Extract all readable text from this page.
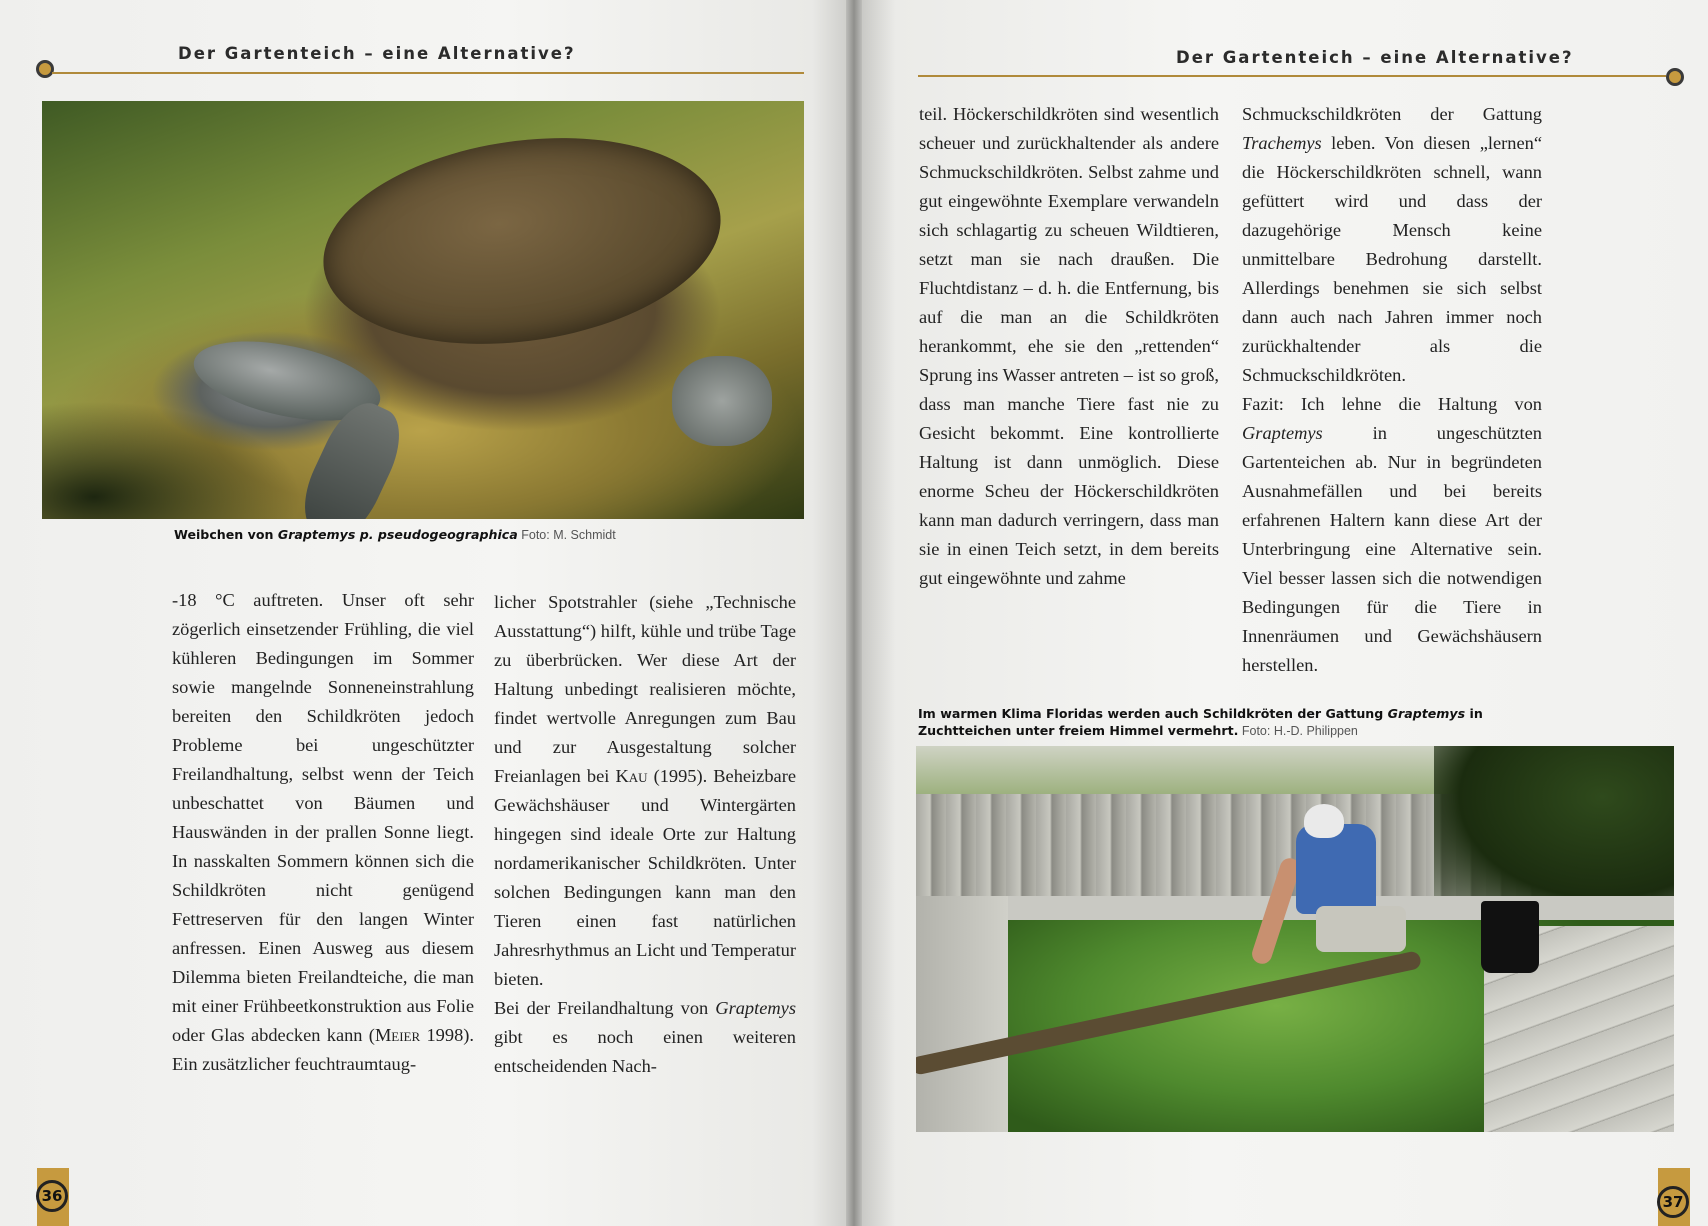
Der Gartenteich – eine Alternative?
Weibchen von Graptemys p. pseudogeographica Foto: M. Schmidt

-18 °C auftreten. Unser oft sehr zögerlich einsetzender Frühling, die viel kühleren Bedingungen im Sommer sowie mangelnde Sonneneinstrahlung bereiten den Schildkröten jedoch Probleme bei ungeschützter Freilandhaltung, selbst wenn der Teich unbeschattet von Bäumen und Hauswänden in der prallen Sonne liegt. In nasskalten Sommern können sich die Schildkröten nicht genügend Fettreserven für den langen Winter anfressen. Einen Ausweg aus diesem Dilemma bieten Freilandteiche, die man mit einer Frühbeetkonstruktion aus Folie oder Glas abdecken kann (Meier 1998). Ein zusätzlicher feuchtraumtaug-

licher Spotstrahler (siehe „Technische Ausstattung“) hilft, kühle und trübe Tage zu überbrücken. Wer diese Art der Haltung unbedingt realisieren möchte, findet wertvolle Anregungen zum Bau und zur Ausgestaltung solcher Freianlagen bei Kau (1995). Beheizbare Gewächshäuser und Wintergärten hingegen sind ideale Orte zur Haltung nordamerikanischer Schildkröten. Unter solchen Bedingungen kann man den Tieren einen fast natürlichen Jahresrhythmus an Licht und Temperatur bieten.

Bei der Freilandhaltung von Graptemys gibt es noch einen weiteren entscheidenden Nach-

36
Der Gartenteich – eine Alternative?

teil. Höckerschildkröten sind wesentlich scheuer und zurückhaltender als andere Schmuckschildkröten. Selbst zahme und gut eingewöhnte Exemplare verwandeln sich schlagartig zu scheuen Wildtieren, setzt man sie nach draußen. Die Fluchtdistanz – d. h. die Entfernung, bis auf die man an die Schildkröten herankommt, ehe sie den „rettenden“ Sprung ins Wasser antreten – ist so groß, dass man manche Tiere fast nie zu Gesicht bekommt. Eine kontrollierte Haltung ist dann unmöglich. Diese enorme Scheu der Höckerschildkröten kann man dadurch verringern, dass man sie in einen Teich setzt, in dem bereits gut eingewöhnte und zahme

Schmuckschildkröten der Gattung Trachemys leben. Von diesen „lernen“ die Höckerschildkröten schnell, wann gefüttert wird und dass der dazugehörige Mensch keine unmittelbare Bedrohung darstellt. Allerdings benehmen sie sich selbst dann auch nach Jahren immer noch zurückhaltender als die Schmuckschildkröten.

Fazit: Ich lehne die Haltung von Graptemys in ungeschützten Gartenteichen ab. Nur in begründeten Ausnahmefällen und bei bereits erfahrenen Haltern kann diese Art der Unterbringung eine Alternative sein. Viel besser lassen sich die notwendigen Bedingungen für die Tiere in Innenräumen und Gewächshäusern herstellen.

Im warmen Klima Floridas werden auch Schildkröten der Gattung Graptemys in Zuchtteichen unter freiem Himmel vermehrt. Foto: H.-D. Philippen
37
